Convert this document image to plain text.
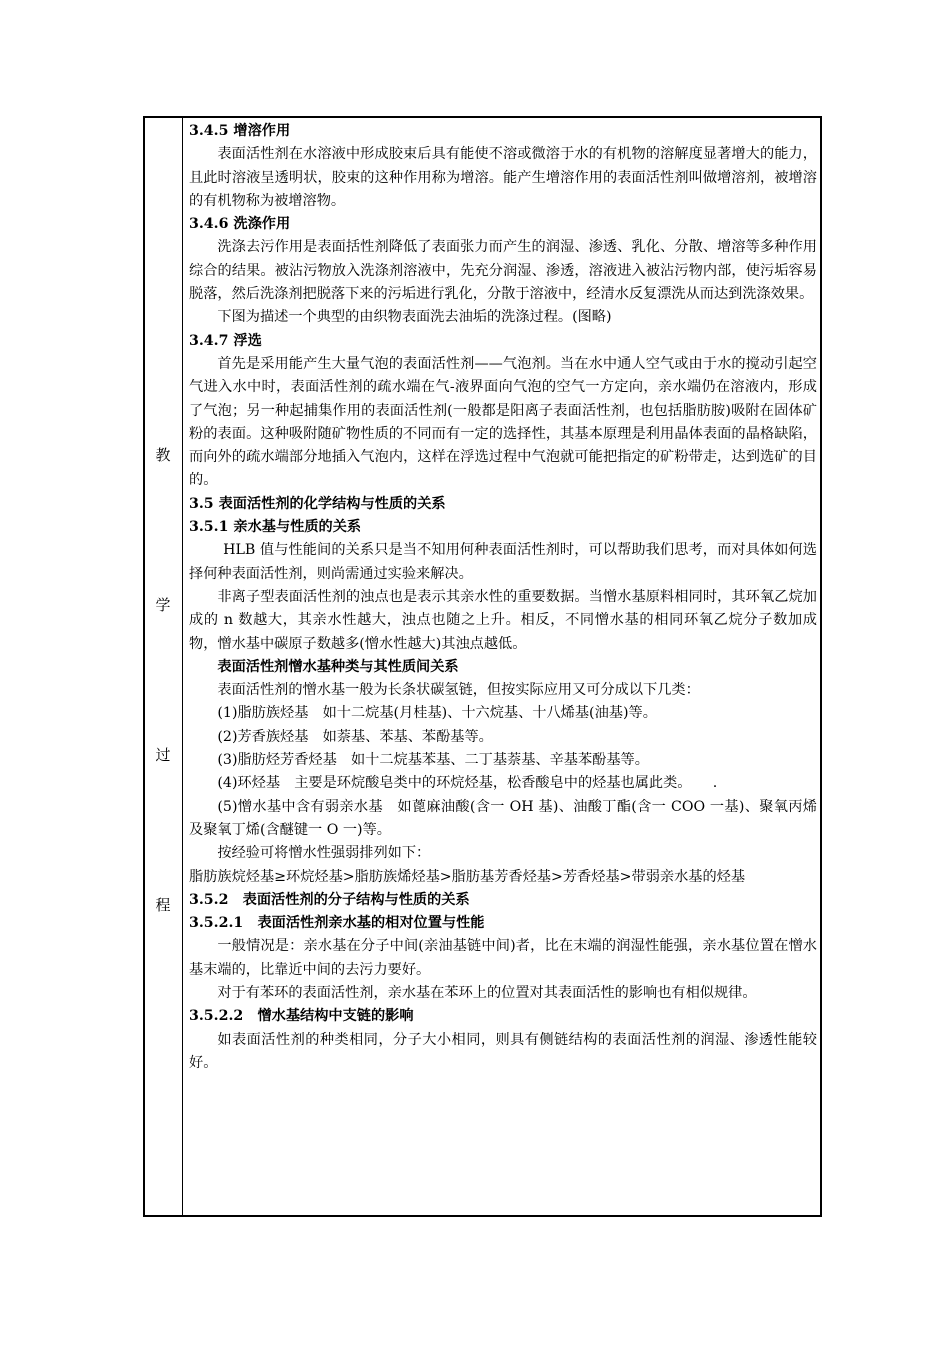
教
学
过
程

3.4.5 增溶作用

表面活性剂在水溶液中形成胶束后具有能使不溶或微溶于水的有机物的溶解度显著增大的能力，且此时溶液呈透明状，胶束的这种作用称为增溶。能产生增溶作用的表面活性剂叫做增溶剂，被增溶的有机物称为被增溶物。

3.4.6 洗涤作用

洗涤去污作用是表面括性剂降低了表面张力而产生的润湿、渗透、乳化、分散、增溶等多种作用综合的结果。被沾污物放入洗涤剂溶液中，先充分润湿、渗透，溶液进入被沾污物内部，使污垢容易脱落，然后洗涤剂把脱落下来的污垢进行乳化，分散于溶液中，经清水反复漂洗从而达到洗涤效果。

下图为描述一个典型的由织物表面洗去油垢的洗涤过程。(图略)

3.4.7 浮选

首先是采用能产生大量气泡的表面活性剂——气泡剂。当在水中通人空气或由于水的搅动引起空气进入水中时，表面活性剂的疏水端在气-液界面向气泡的空气一方定向，亲水端仍在溶液内，形成了气泡；另一种起捕集作用的表面活性剂(一般都是阳离子表面活性剂，也包括脂肪胺)吸附在固体矿粉的表面。这种吸附随矿物性质的不同而有一定的选择性，其基本原理是利用晶体表面的晶格缺陷，而向外的疏水端部分地插入气泡内，这样在浮选过程中气泡就可能把指定的矿粉带走，达到选矿的目的。

3.5 表面活性剂的化学结构与性质的关系

3.5.1 亲水基与性质的关系

HLB 值与性能间的关系只是当不知用何种表面活性剂时，可以帮助我们思考，而对具体如何选择何种表面活性剂，则尚需通过实验来解决。

非离子型表面活性剂的浊点也是表示其亲水性的重要数据。当憎水基原料相同时，其环氧乙烷加成的 n 数越大，其亲水性越大，浊点也随之上升。相反，不同憎水基的相同环氧乙烷分子数加成物，憎水基中碳原子数越多(憎水性越大)其浊点越低。

表面活性剂憎水基种类与其性质间关系

表面活性剂的憎水基一般为长条状碳氢链，但按实际应用又可分成以下几类：

(1)脂肪族烃基　如十二烷基(月桂基)、十六烷基、十八烯基(油基)等。

(2)芳香族烃基　如萘基、苯基、苯酚基等。

(3)脂肪烃芳香烃基　如十二烷基苯基、二丁基萘基、辛基苯酚基等。

(4)环烃基　主要是环烷酸皂类中的环烷烃基，松香酸皂中的烃基也属此类。　　.

(5)憎水基中含有弱亲水基　如蓖麻油酸(含一 OH 基)、油酸丁酯(含一 COO 一基)、聚氧丙烯及聚氧丁烯(含醚键一 O 一)等。

按经验可将憎水性强弱排列如下：

脂肪族烷烃基≥环烷烃基>脂肪族烯烃基>脂肪基芳香烃基>芳香烃基>带弱亲水基的烃基

3.5.2　表面活性剂的分子结构与性质的关系

3.5.2.1　表面活性剂亲水基的相对位置与性能

一般情况是：亲水基在分子中间(亲油基链中间)者，比在末端的润湿性能强，亲水基位置在憎水基末端的，比靠近中间的去污力要好。

对于有苯环的表面活性剂，亲水基在苯环上的位置对其表面活性的影响也有相似规律。

3.5.2.2　憎水基结构中支链的影响

如表面活性剂的种类相同，分子大小相同，则具有侧链结构的表面活性剂的润湿、渗透性能较好。
